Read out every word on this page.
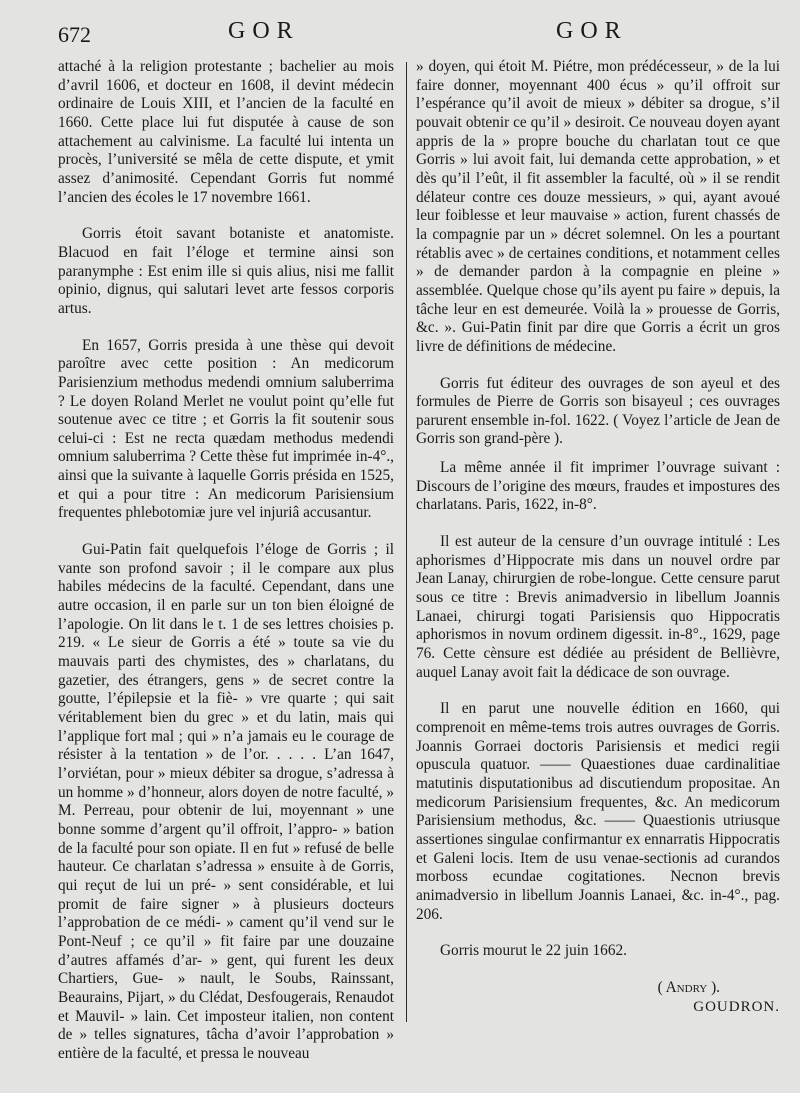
672	GOR	GOR

attaché à la religion protestante ; bachelier au mois d’avril 1606, et docteur en 1608, il devint médecin ordinaire de Louis XIII, et l’ancien de la faculté en 1660. Cette place lui fut disputée à cause de son attachement au calvinisme. La faculté lui intenta un procès, l’université se mêla de cette dispute, et ymit assez d’animosité. Cependant Gorris fut nommé l’ancien des écoles le 17 novembre 1661.

Gorris étoit savant botaniste et anatomiste. Blacuod en fait l’éloge et termine ainsi son paranymphe : Est enim ille si quis alius, nisi me fallit opinio, dignus, qui salutari levet arte fessos corporis artus.

En 1657, Gorris presida à une thèse qui devoit paroître avec cette position : An medicorum Parisienzium methodus medendi omnium saluberrima ? Le doyen Roland Merlet ne voulut point qu’elle fut soutenue avec ce titre ; et Gorris la fit soutenir sous celui-ci : Est ne recta quædam methodus medendi omnium saluberrima ? Cette thèse fut imprimée in-4°., ainsi que la suivante à laquelle Gorris présida en 1525, et qui a pour titre : An medicorum Parisiensium frequentes phlebotomiæ jure vel injuriâ accusantur.

Gui-Patin fait quelquefois l’éloge de Gorris ; il vante son profond savoir ; il le compare aux plus habiles médecins de la faculté. Cependant, dans une autre occasion, il en parle sur un ton bien éloigné de l’apologie. On lit dans le t. 1 de ses lettres choisies p. 219. « Le sieur de Gorris a été » toute sa vie du mauvais parti des chymistes, des » charlatans, du gazetier, des étrangers, gens » de secret contre la goutte, l’épilepsie et la fiè- » vre quarte ; qui sait véritablement bien du grec » et du latin, mais qui l’applique fort mal ; qui » n’a jamais eu le courage de résister à la tentation » de l’or. . . . . L’an 1647, l’orviétan, pour » mieux débiter sa drogue, s’adressa à un homme » d’honneur, alors doyen de notre faculté, » M. Perreau, pour obtenir de lui, moyennant » une bonne somme d’argent qu’il offroit, l’appro- » bation de la faculté pour son opiate. Il en fut » refusé de belle hauteur. Ce charlatan s’adressa » ensuite à de Gorris, qui reçut de lui un pré- » sent considérable, et lui promit de faire signer » à plusieurs docteurs l’approbation de ce médi- » cament qu’il vend sur le Pont-Neuf ; ce qu’il » fit faire par une douzaine d’autres affamés d’ar- » gent, qui furent les deux Chartiers, Gue- » nault, le Soubs, Rainssant, Beaurains, Pijart, » du Clédat, Desfougerais, Renaudot et Mauvil- » lain. Cet imposteur italien, non content de » telles signatures, tâcha d’avoir l’approbation » entière de la faculté, et pressa le nouveau

» doyen, qui étoit M. Piétre, mon prédécesseur, » de la lui faire donner, moyennant 400 écus » qu’il offroit sur l’espérance qu’il avoit de mieux » débiter sa drogue, s’il pouvait obtenir ce qu’il » desiroit. Ce nouveau doyen ayant appris de la » propre bouche du charlatan tout ce que Gorris » lui avoit fait, lui demanda cette approbation, » et dès qu’il l’eût, il fit assembler la faculté, où » il se rendit délateur contre ces douze messieurs, » qui, ayant avoué leur foiblesse et leur mauvaise » action, furent chassés de la compagnie par un » décret solemnel. On les a pourtant rétablis avec » de certaines conditions, et notamment celles » de demander pardon à la compagnie en pleine » assemblée. Quelque chose qu’ils ayent pu faire » depuis, la tâche leur en est demeurée. Voilà la » prouesse de Gorris, &c. ». Gui-Patin finit par dire que Gorris a écrit un gros livre de définitions de médecine.

Gorris fut éditeur des ouvrages de son ayeul et des formules de Pierre de Gorris son bisayeul ; ces ouvrages parurent ensemble in-fol. 1622. ( Voyez l’article de Jean de Gorris son grand-père ).

La même année il fit imprimer l’ouvrage suivant : Discours de l’origine des mœurs, fraudes et impostures des charlatans. Paris, 1622, in-8°.

Il est auteur de la censure d’un ouvrage intitulé : Les aphorismes d’Hippocrate mis dans un nouvel ordre par Jean Lanay, chirurgien de robe-longue. Cette censure parut sous ce titre : Brevis animadversio in libellum Joannis Lanaei, chirurgi togati Parisiensis quo Hippocratis aphorismos in novum ordinem digessit. in-8°., 1629, page 76. Cette cènsure est dédiée au président de Bellièvre, auquel Lanay avoit fait la dédicace de son ouvrage.

Il en parut une nouvelle édition en 1660, qui comprenoit en même-tems trois autres ouvrages de Gorris. Joannis Gorraei doctoris Parisiensis et medici regii opuscula quatuor. —— Quaestiones duae cardinalitiae matutinis disputationibus ad discutiendum propositae. An medicorum Parisiensium frequentes, &c. An medicorum Parisiensium methodus, &c. —— Quaestionis utriusque assertiones singulae confirmantur ex ennarratis Hippocratis et Galeni locis. Item de usu venae-sectionis ad curandos morboss ecundae cogitationes. Necnon brevis animadversio in libellum Joannis Lanaei, &c. in-4°., pag. 206.

Gorris mourut le 22 juin 1662.

( Andry ).

GOUDRON.
